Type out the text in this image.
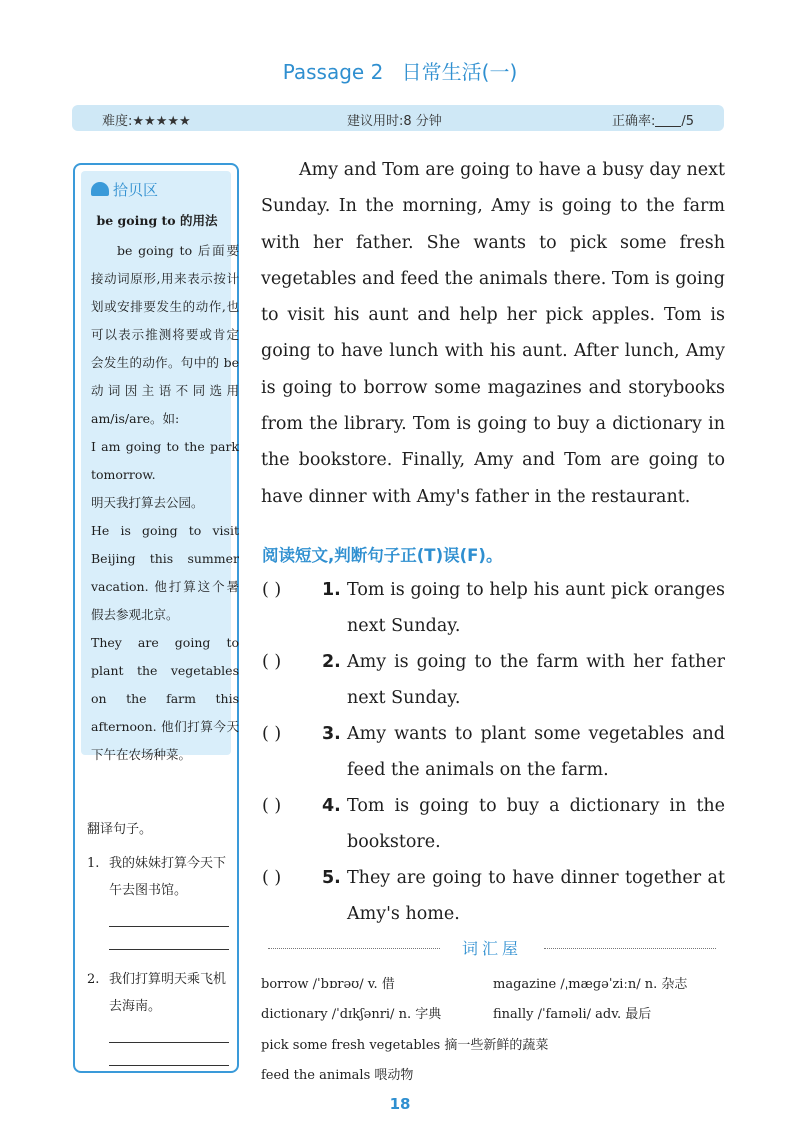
Passage 2 日常生活(一)
难度:★★★★★	建议用时:8 分钟	正确率: /5
拾贝区
be going to 的用法

be going to 后面要接动词原形,用来表示按计划或安排要发生的动作,也可以表示推测将要或肯定会发生的动作。句中的 be 动词因主语不同选用 am/is/are。如:

I am going to the park tomorrow.

明天我打算去公园。

He is going to visit Beijing this summer vacation. 他打算这个暑假去参观北京。

They are going to plant the vegetables on the farm this afternoon. 他们打算今天下午在农场种菜。

翻译句子。
1. 我的妹妹打算今天下午去图书馆。
2. 我们打算明天乘飞机去海南。

Amy and Tom are going to have a busy day next Sunday. In the morning, Amy is going to the farm with her father. She wants to pick some fresh vegetables and feed the animals there. Tom is going to visit his aunt and help her pick apples. Tom is going to have lunch with his aunt. After lunch, Amy is going to borrow some magazines and storybooks from the library. Tom is going to buy a dictionary in the bookstore. Finally, Amy and Tom are going to have dinner with Amy's father in the restaurant.

阅读短文,判断句子正(T)误(F)。
( ) 1. Tom is going to help his aunt pick oranges next Sunday.
( ) 2. Amy is going to the farm with her father next Sunday.
( ) 3. Amy wants to plant some vegetables and feed the animals on the farm.
( ) 4. Tom is going to buy a dictionary in the bookstore.
( ) 5. They are going to have dinner together at Amy's home.
词汇屋
borrow /ˈbɒrəʊ/ v. 借	magazine /ˌmæɡəˈziːn/ n. 杂志
dictionary /ˈdɪkʃənri/ n. 字典	finally /ˈfaɪnəli/ adv. 最后
pick some fresh vegetables 摘一些新鲜的蔬菜
feed the animals 喂动物
18
